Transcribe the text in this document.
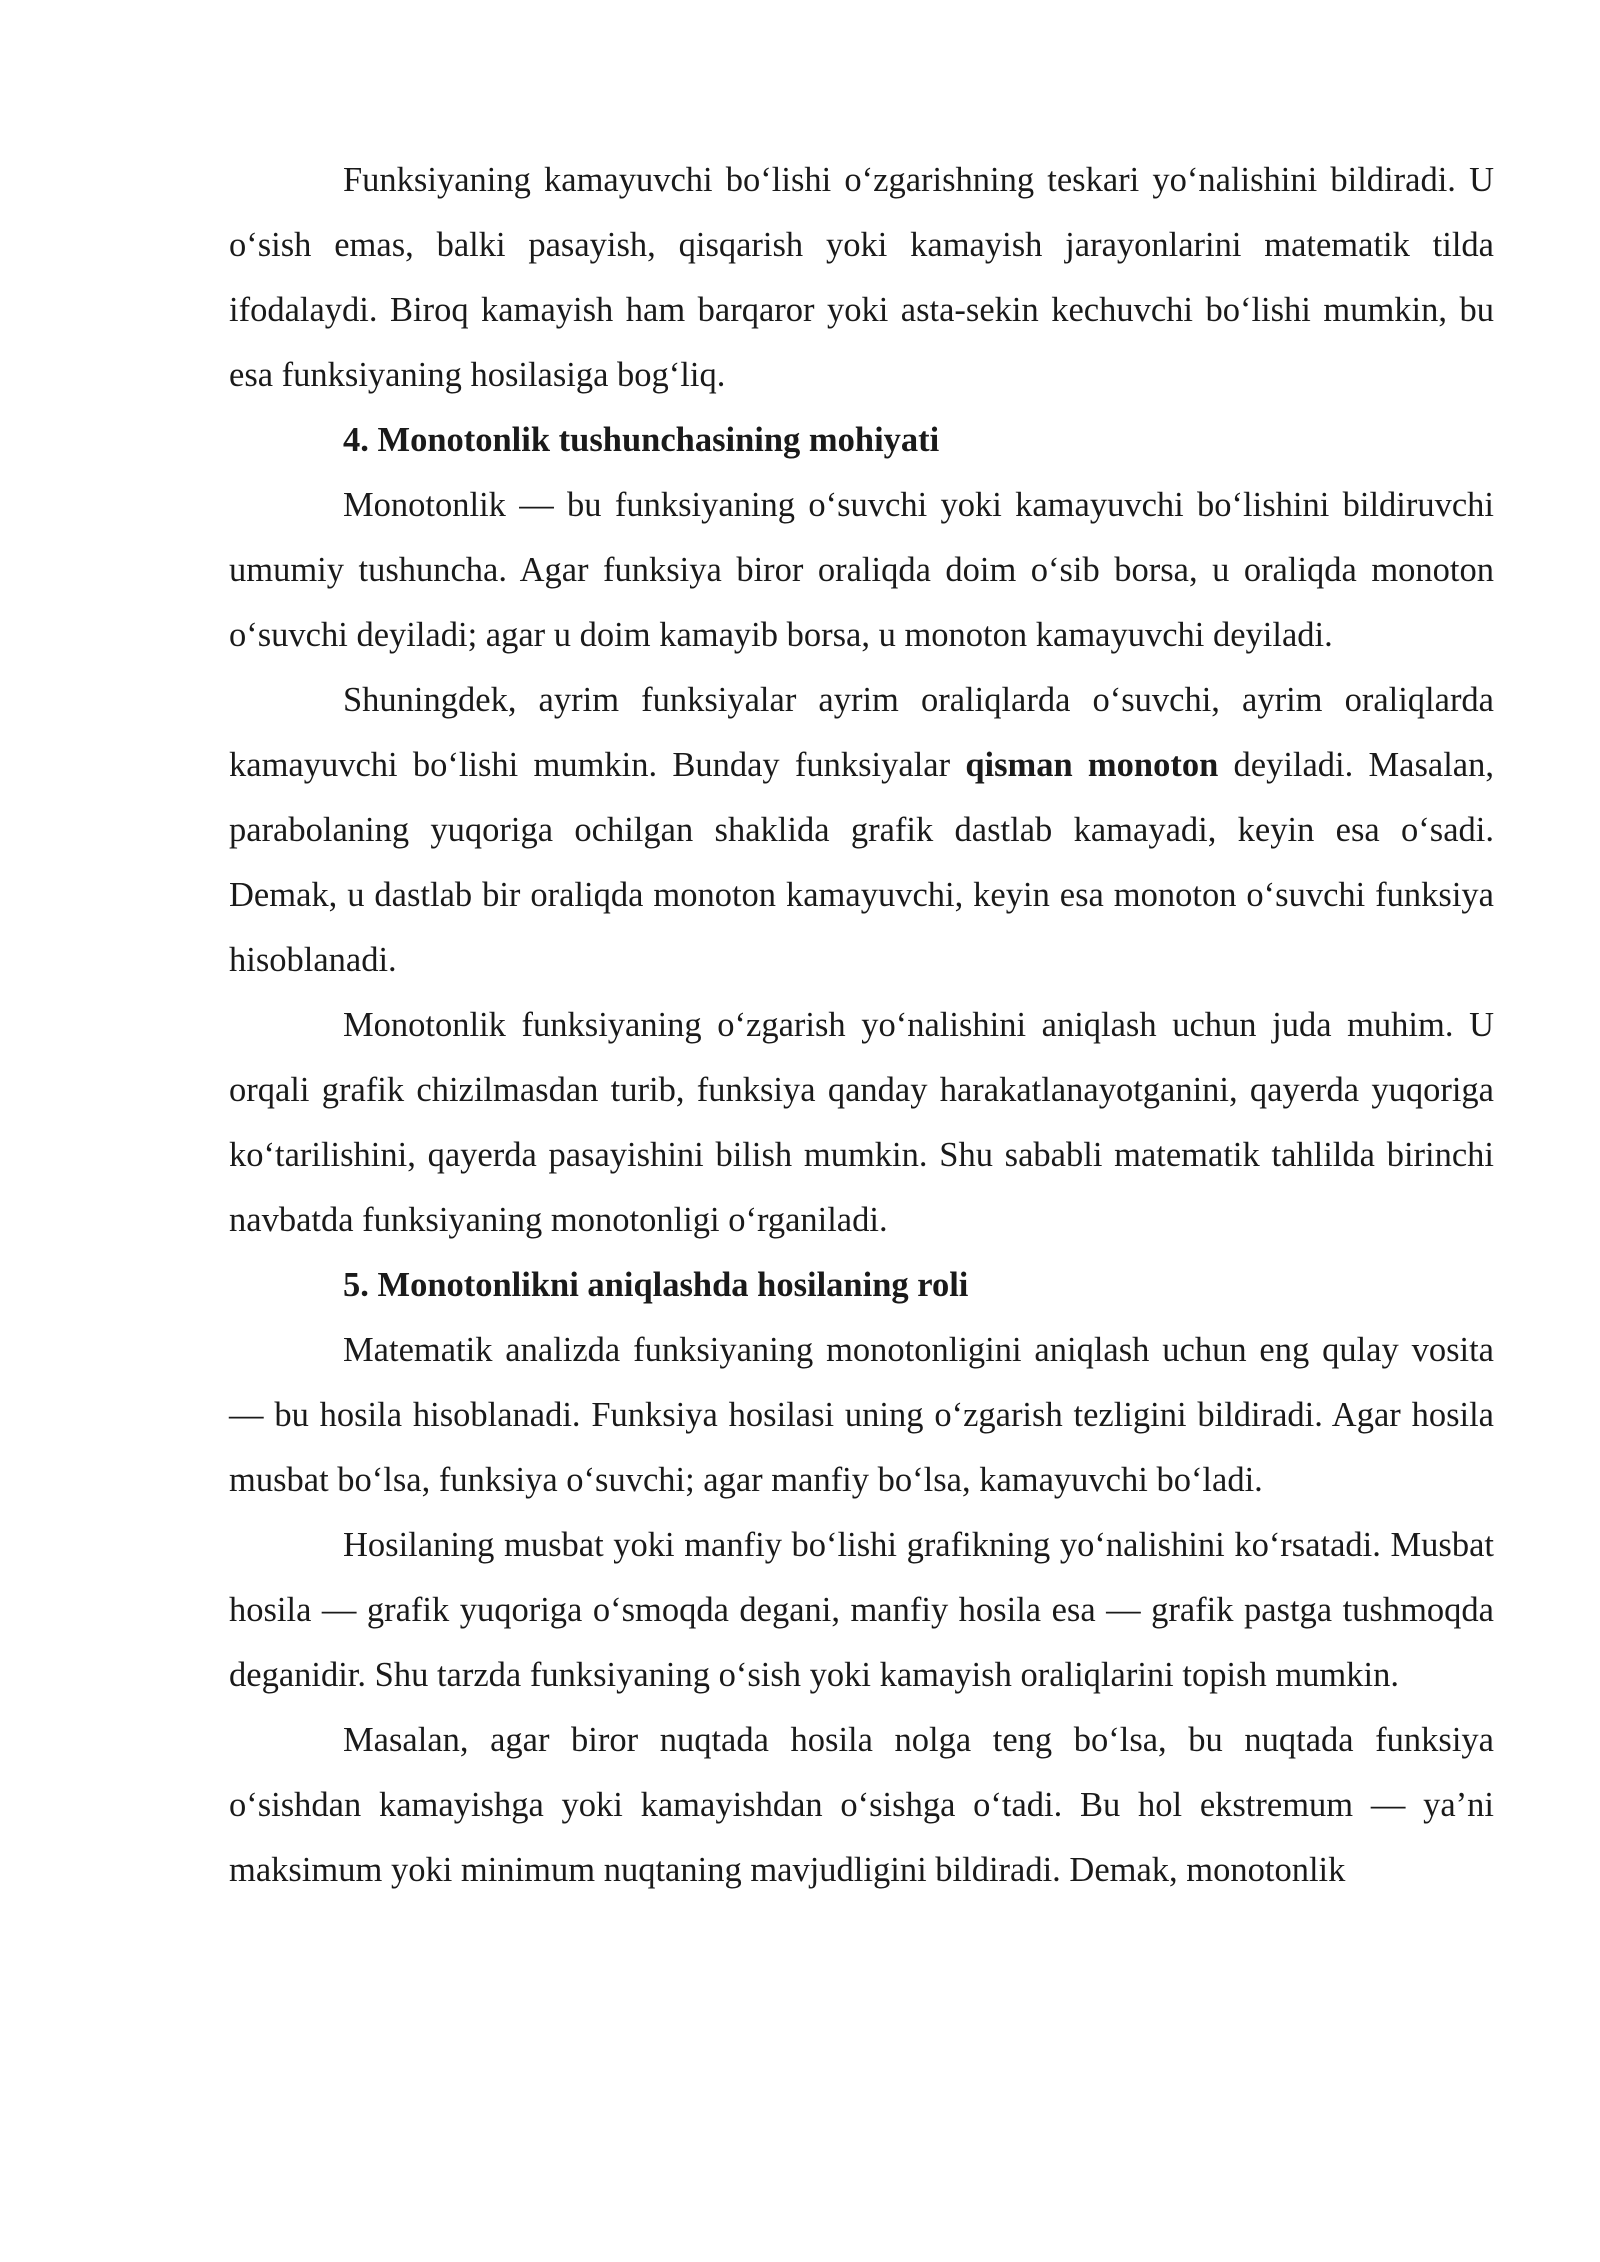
Funksiyaning kamayuvchi bo‘lishi o‘zgarishning teskari yo‘nalishini bildiradi. U o‘sish emas, balki pasayish, qisqarish yoki kamayish jarayonlarini matematik tilda ifodalaydi. Biroq kamayish ham barqaror yoki asta-sekin kechuvchi bo‘lishi mumkin, bu esa funksiyaning hosilasiga bog‘liq.

4. Monotonlik tushunchasining mohiyati

Monotonlik — bu funksiyaning o‘suvchi yoki kamayuvchi bo‘lishini bildiruvchi umumiy tushuncha. Agar funksiya biror oraliqda doim o‘sib borsa, u oraliqda monoton o‘suvchi deyiladi; agar u doim kamayib borsa, u monoton kamayuvchi deyiladi.

Shuningdek, ayrim funksiyalar ayrim oraliqlarda o‘suvchi, ayrim oraliqlarda kamayuvchi bo‘lishi mumkin. Bunday funksiyalar qisman monoton deyiladi. Masalan, parabolaning yuqoriga ochilgan shaklida grafik dastlab kamayadi, keyin esa o‘sadi. Demak, u dastlab bir oraliqda monoton kamayuvchi, keyin esa monoton o‘suvchi funksiya hisoblanadi.

Monotonlik funksiyaning o‘zgarish yo‘nalishini aniqlash uchun juda muhim. U orqali grafik chizilmasdan turib, funksiya qanday harakatlanayotganini, qayerda yuqoriga ko‘tarilishini, qayerda pasayishini bilish mumkin. Shu sababli matematik tahlilda birinchi navbatda funksiyaning monotonligi o‘rganiladi.

5. Monotonlikni aniqlashda hosilaning roli

Matematik analizda funksiyaning monotonligini aniqlash uchun eng qulay vosita — bu hosila hisoblanadi. Funksiya hosilasi uning o‘zgarish tezligini bildiradi. Agar hosila musbat bo‘lsa, funksiya o‘suvchi; agar manfiy bo‘lsa, kamayuvchi bo‘ladi.

Hosilaning musbat yoki manfiy bo‘lishi grafikning yo‘nalishini ko‘rsatadi. Musbat hosila — grafik yuqoriga o‘smoqda degani, manfiy hosila esa — grafik pastga tushmoqda deganidir. Shu tarzda funksiyaning o‘sish yoki kamayish oraliqlarini topish mumkin.

Masalan, agar biror nuqtada hosila nolga teng bo‘lsa, bu nuqtada funksiya o‘sishdan kamayishga yoki kamayishdan o‘sishga o‘tadi. Bu hol ekstremum — ya’ni maksimum yoki minimum nuqtaning mavjudligini bildiradi. Demak, monotonlik
